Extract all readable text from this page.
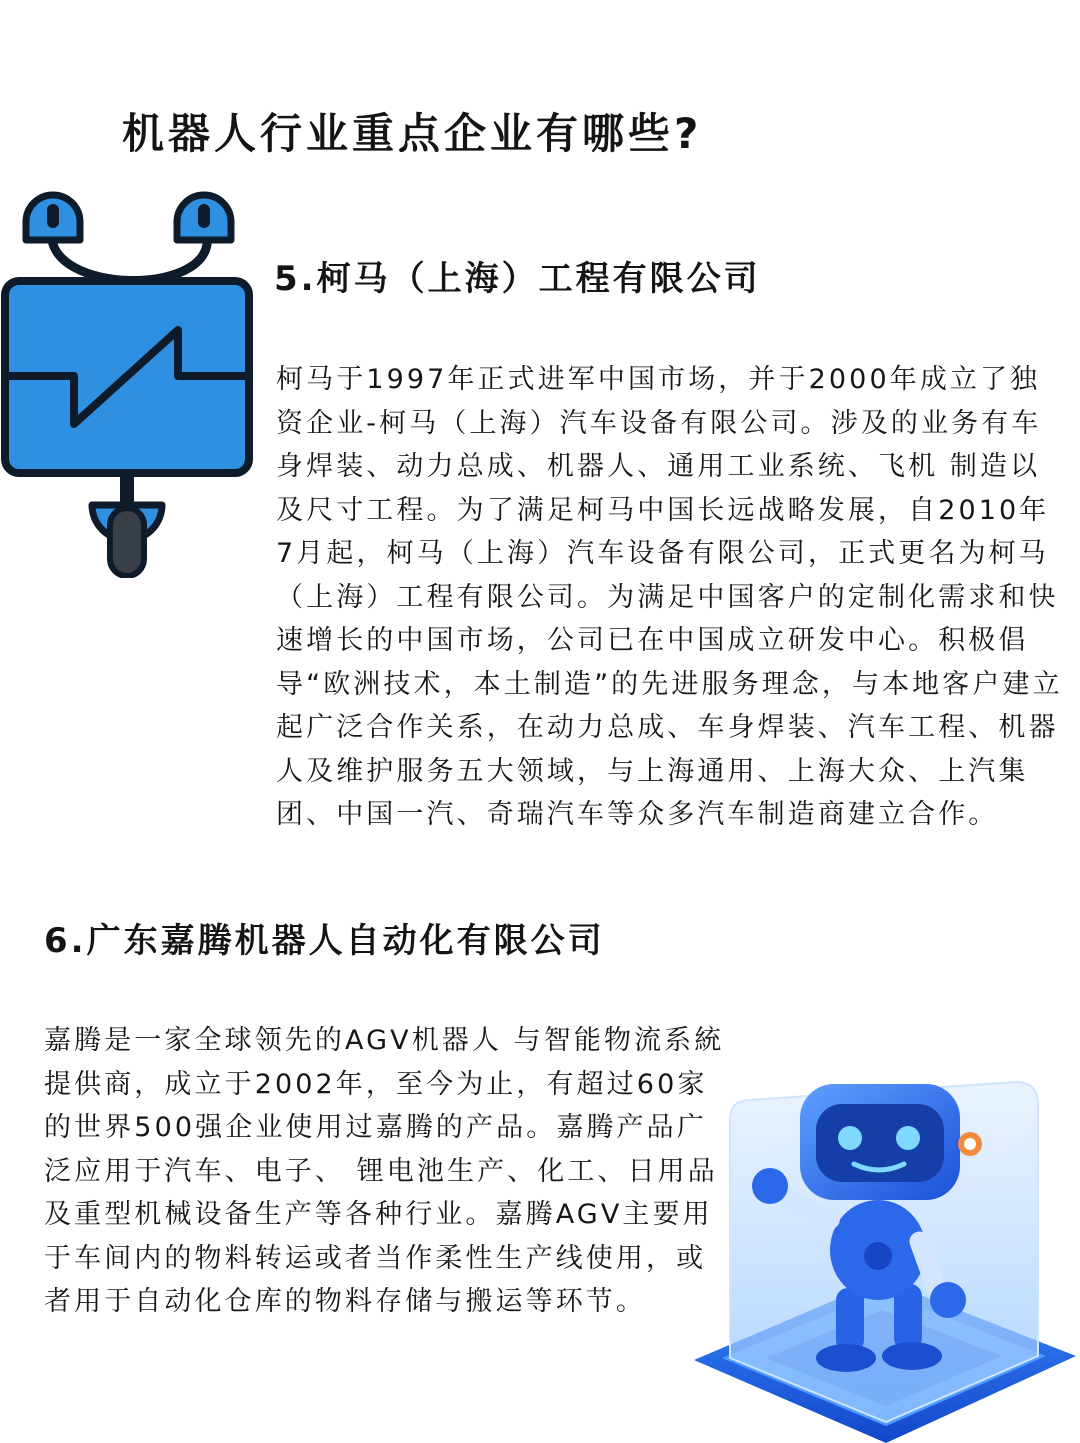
机器人行业重点企业有哪些?
5.柯马（上海）工程有限公司

柯马于1997年正式进军中国市场，并于2000年成立了独资企业-柯马（上海）汽车设备有限公司。涉及的业务有车身焊装、动力总成、机器人、通用工业系统、飞机 制造以及尺寸工程。为了满足柯马中国长远战略发展，自2010年7月起，柯马（上海）汽车设备有限公司，正式更名为柯马（上海）工程有限公司。为满足中国客户的定制化需求和快速增长的中国市场，公司已在中国成立研发中心。积极倡导“欧洲技术，本土制造”的先进服务理念，与本地客户建立起广泛合作关系，在动力总成、车身焊装、汽车工程、机器人及维护服务五大领域，与上海通用、上海大众、上汽集团、中国一汽、奇瑞汽车等众多汽车制造商建立合作。

6.广东嘉腾机器人自动化有限公司

嘉腾是一家全球领先的AGV机器人 与智能物流系統提供商，成立于2002年，至今为止，有超过60家的世界500强企业使用过嘉腾的产品。嘉腾产品广泛应用于汽车、电子、 锂电池生产、化工、日用品及重型机械设备生产等各种行业。嘉腾AGV主要用于车间内的物料转运或者当作柔性生产线使用，或者用于自动化仓库的物料存储与搬运等环节。
